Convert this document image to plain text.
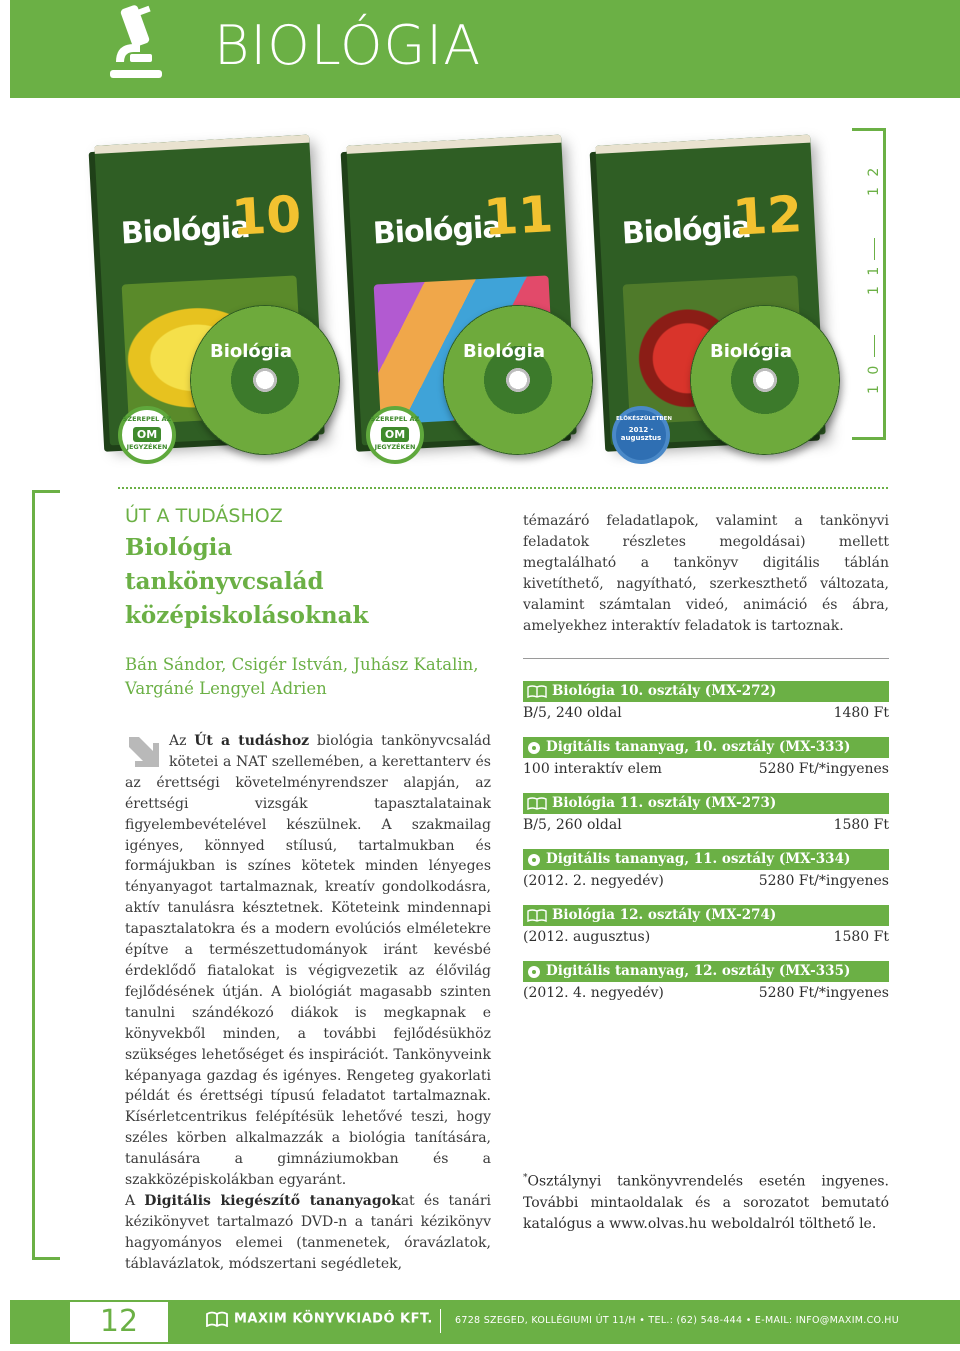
BIOLÓGIA
Biológia
10
Biológia
SZEREPEL AZ
OM
JEGYZÉKEN
Biológia
11
Biológia
SZEREPEL AZ
OM
JEGYZÉKEN
Biológia
12
Biológia
ELŐKÉSZÜLETBEN
2012 · augusztus
1 2
1 1
1 0

ÚT A TUDÁSHOZ

Biológia
tankönyvcsalád
középiskolásoknak
Bán Sándor, Csigér István, Juhász Katalin,
Vargáné Lengyel Adrien
Az Út a tudáshoz biológia tankönyvcsalád kötetei a NAT szellemében, a kerettanterv és az érettségi követelményrendszer alapján, az érettségi vizsgák tapasztalatainak figyelembevételével készülnek. A szakmailag igényes, könnyed stílusú, tartalmukban és formájukban is színes kötetek minden lényeges tényanyagot tartalmaznak, kreatív gondolkodásra, aktív tanulásra késztetnek. Köteteink mindennapi tapasztalatokra és a modern evolúciós elméletekre építve a természettudományok iránt kevésbé érdeklődő fiatalokat is végigvezetik az élővilág fejlődésének útján. A biológiát magasabb szinten tanulni szándékozó diákok is megkapnak e könyvekből minden, a további fejlődésükhöz szükséges lehetőséget és inspirációt. Tankönyveink képanyaga gazdag és igényes. Rengeteg gyakorlati példát és érettségi típusú feladatot tartalmaznak. Kísérletcentrikus felépítésük lehetővé teszi, hogy széles körben alkalmazzák a biológia tanítására, tanulására a gimnáziumokban és a szakközépiskolákban egyaránt.
A Digitális kiegészítő tananyagokat és tanári kézikönyvet tartalmazó DVD-n a tanári kézikönyv hagyományos elemei (tanmenetek, óravázlatok, táblavázlatok, módszertani segédletek,

témazáró feladatlapok, valamint a tankönyvi feladatok részletes megoldásai) mellett megtalálható a tankönyv digitális táblán kivetíthető, nagyítható, szerkeszthető változata, valamint számtalan videó, animáció és ábra, amelyekhez interaktív feladatok is tartoznak.

Biológia 10. osztály (MX-272)
B/5, 240 oldal	1480 Ft
Digitális tananyag, 10. osztály (MX-333)
100 interaktív elem	5280 Ft/*ingyenes
Biológia 11. osztály (MX-273)
B/5, 260 oldal	1580 Ft
Digitális tananyag, 11. osztály (MX-334)
(2012. 2. negyedév)	5280 Ft/*ingyenes
Biológia 12. osztály (MX-274)
(2012. augusztus)	1580 Ft
Digitális tananyag, 12. osztály (MX-335)
(2012. 4. negyedév)	5280 Ft/*ingyenes
*Osztálynyi tankönyvrendelés esetén ingyenes. További mintaoldalak és a sorozatot bemutató katalógus a www.olvas.hu weboldalról tölthető le.
12	MAXIM KÖNYVKIADÓ KFT. 6728 SZEGED, KOLLÉGIUMI ÚT 11/H • TEL.: (62) 548-444 • E-MAIL: INFO@MAXIM.CO.HU
